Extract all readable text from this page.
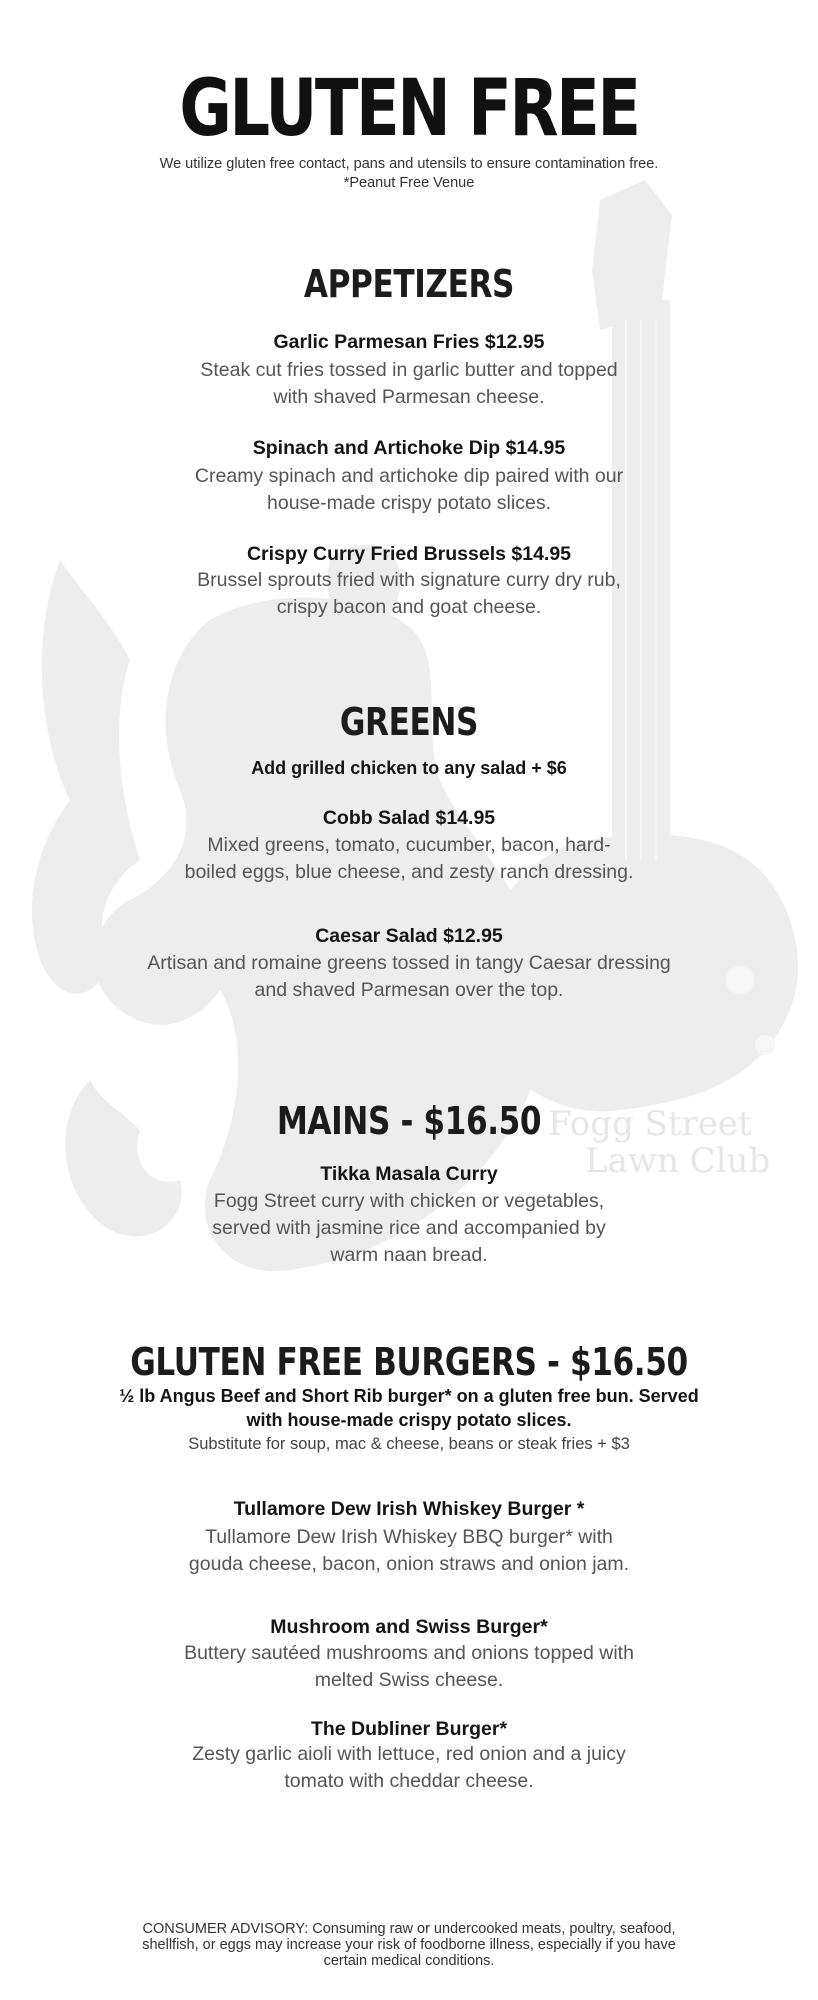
Fogg Street
Lawn Club
GLUTEN FREE
We utilize gluten free contact, pans and utensils to ensure contamination free.
*Peanut Free Venue
APPETIZERS
Garlic Parmesan Fries $12.95
Steak cut fries tossed in garlic butter and topped
with shaved Parmesan cheese.
Spinach and Artichoke Dip $14.95
Creamy spinach and artichoke dip paired with our
house-made crispy potato slices.
Crispy Curry Fried Brussels $14.95
Brussel sprouts fried with signature curry dry rub,
crispy bacon and goat cheese.
GREENS
Add grilled chicken to any salad + $6
Cobb Salad $14.95
Mixed greens, tomato, cucumber, bacon, hard-
boiled eggs, blue cheese, and zesty ranch dressing.
Caesar Salad $12.95
Artisan and romaine greens tossed in tangy Caesar dressing
and shaved Parmesan over the top.
MAINS - $16.50
Tikka Masala Curry
Fogg Street curry with chicken or vegetables,
served with jasmine rice and accompanied by
warm naan bread.
GLUTEN FREE BURGERS - $16.50
½ lb Angus Beef and Short Rib burger* on a gluten free bun. Served
with house-made crispy potato slices.
Substitute for soup, mac & cheese, beans or steak fries + $3
Tullamore Dew Irish Whiskey Burger *
Tullamore Dew Irish Whiskey BBQ burger* with
gouda cheese, bacon, onion straws and onion jam.
Mushroom and Swiss Burger*
Buttery sautéed mushrooms and onions topped with
melted Swiss cheese.
The Dubliner Burger*
Zesty garlic aioli with lettuce, red onion and a juicy
tomato with cheddar cheese.
CONSUMER ADVISORY: Consuming raw or undercooked meats, poultry, seafood,
shellfish, or eggs may increase your risk of foodborne illness, especially if you have
certain medical conditions.
